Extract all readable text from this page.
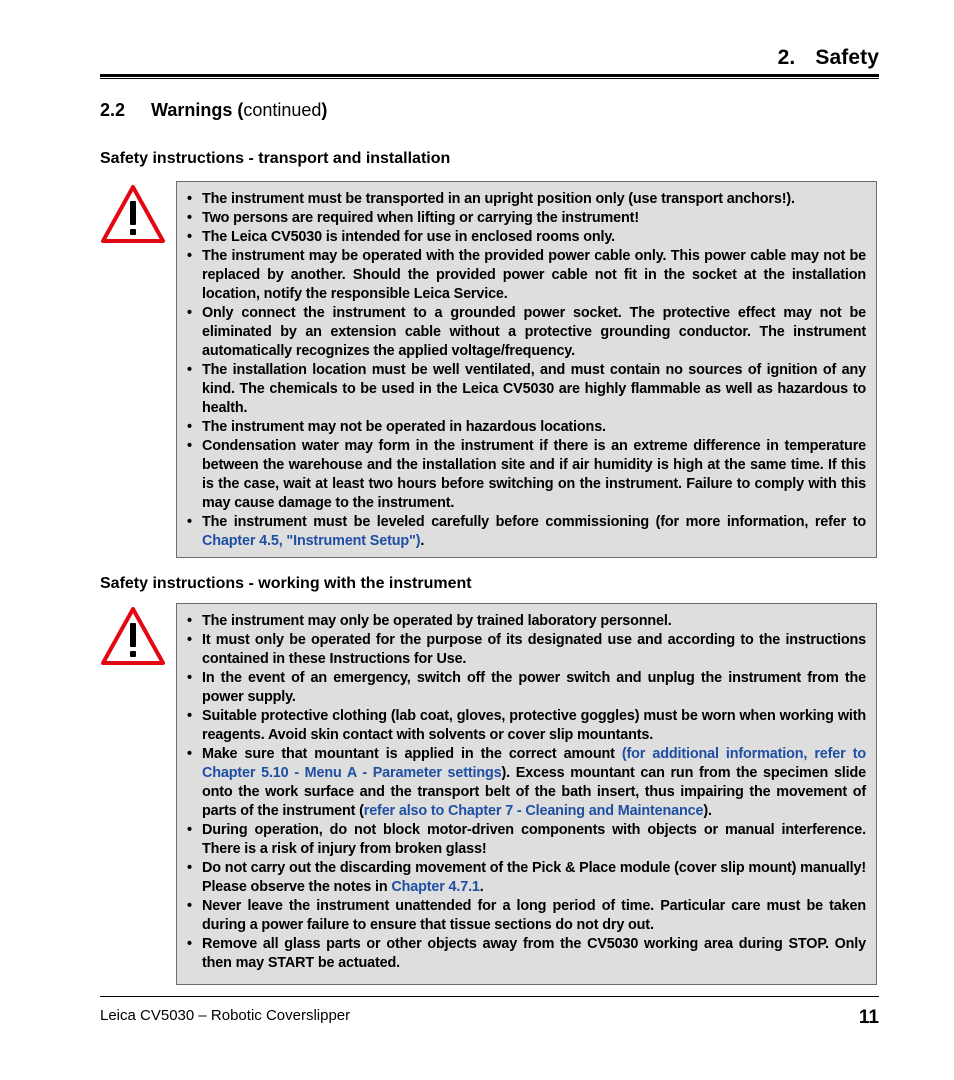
2. Safety
2.2 Warnings (continued)
Safety instructions - transport and installation
• The instrument must be transported in an upright position only (use transport anchors!).
• Two persons are required when lifting or carrying the instrument!
• The Leica CV5030 is intended for use in enclosed rooms only.
• The instrument may be operated with the provided power cable only. This power cable may not be replaced by another. Should the provided power cable not fit in the socket at the installation location, notify the responsible Leica Service.
• Only connect the instrument to a grounded power socket. The protective effect may not be eliminated by an extension cable without a protective grounding conductor. The instrument automatically recognizes the applied voltage/frequency.
• The installation location must be well ventilated, and must contain no sources of ignition of any kind. The chemicals to be used in the Leica CV5030 are highly flammable as well as hazardous to health.
• The instrument may not be operated in hazardous locations.
• Condensation water may form in the instrument if there is an extreme difference in temperature between the warehouse and the installation site and if air humidity is high at the same time. If this is the case, wait at least two hours before switching on the instrument. Failure to comply with this may cause damage to the instrument.
• The instrument must be leveled carefully before commissioning (for more information, refer to Chapter 4.5, "Instrument Setup").
Safety instructions - working with the instrument
• The instrument may only be operated by trained laboratory personnel.
• It must only be operated for the purpose of its designated use and according to the instructions contained in these Instructions for Use.
• In the event of an emergency, switch off the power switch and unplug the instrument from the power supply.
• Suitable protective clothing (lab coat, gloves, protective goggles) must be worn when working with reagents. Avoid skin contact with solvents or cover slip mountants.
• Make sure that mountant is applied in the correct amount (for additional information, refer to Chapter 5.10 - Menu A - Parameter settings). Excess mountant can run from the specimen slide onto the work surface and the transport belt of the bath insert, thus impairing the movement of parts of the instrument (refer also to Chapter 7 - Cleaning and Maintenance).
• During operation, do not block motor-driven components with objects or manual interference. There is a risk of injury from broken glass!
• Do not carry out the discarding movement of the Pick & Place module (cover slip mount) manually! Please observe the notes in Chapter 4.7.1.
• Never leave the instrument unattended for a long period of time. Particular care must be taken during a power failure to ensure that tissue sections do not dry out.
• Remove all glass parts or other objects away from the CV5030 working area during STOP. Only then may START be actuated.
Leica CV5030 – Robotic Coverslipper	11
